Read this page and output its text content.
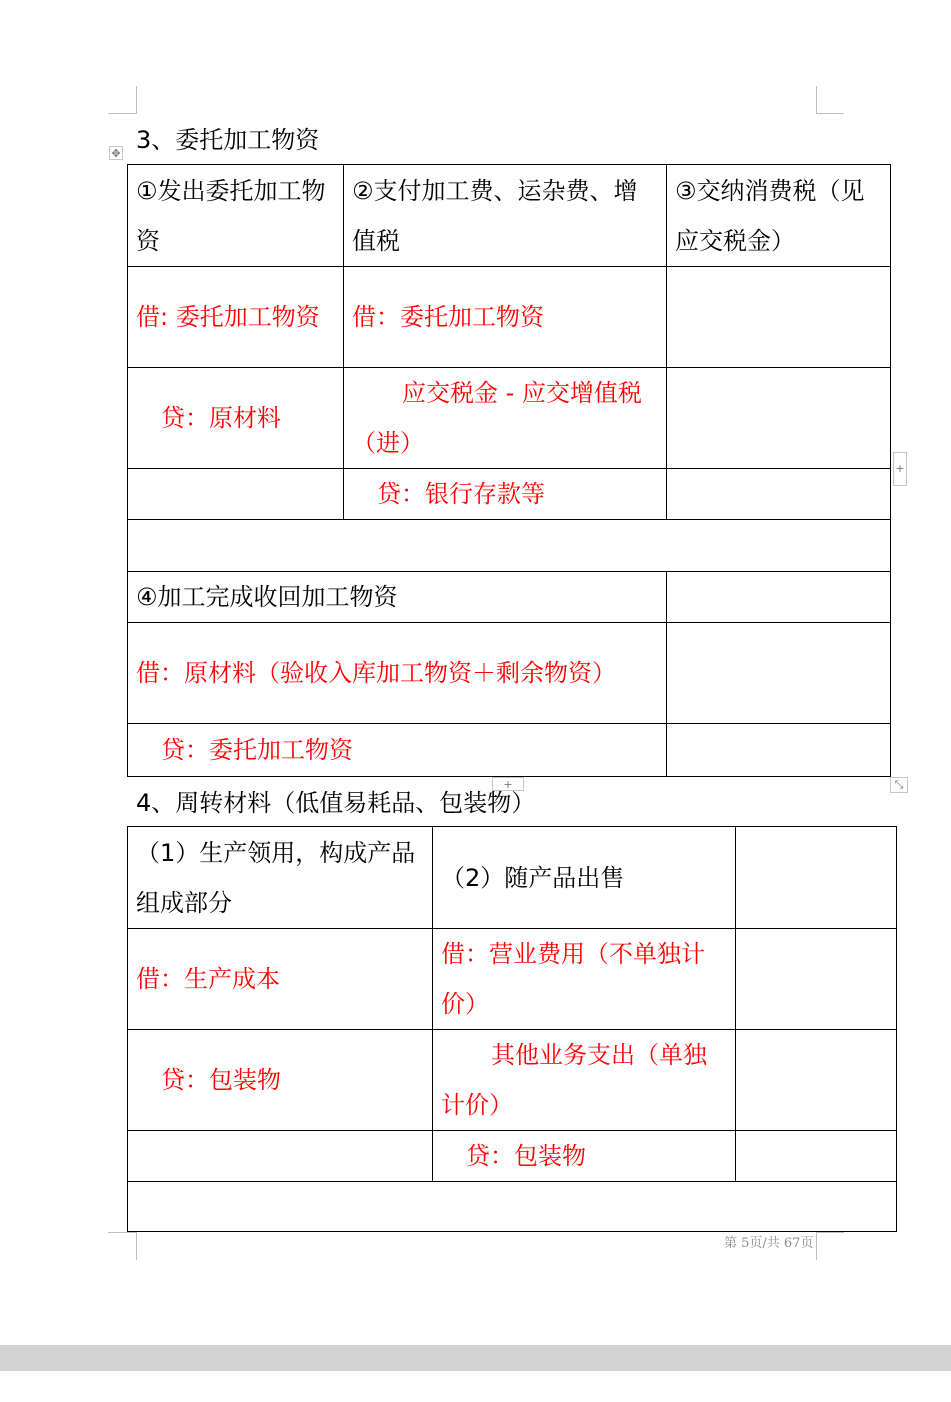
3、委托加工物资
✥
①发出委托加工物资	②支付加工费、运杂费、增值税	③交纳消费税（见应交税金）
借: 委托加工物资	借：委托加工物资	
贷：原材料	应交税金 - 应交增值税（进）	
	贷：银行存款等	

④加工完成收回加工物资		
借：原材料（验收入库加工物资＋剩余物资）		
贷：委托加工物资		
+
+	⤡
4、周转材料（低值易耗品、包装物）
（1）生产领用，构成产品组成部分	（2）随产品出售	
借：生产成本	借：营业费用（不单独计价）	
贷：包装物	其他业务支出（单独计价）	
	贷：包装物	

第 5页/共 67页
